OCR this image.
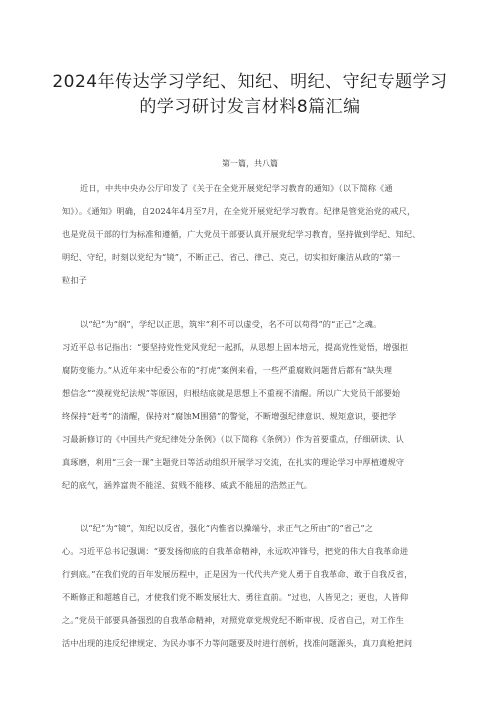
2024年传达学习学纪、知纪、明纪、守纪专题学习
的学习研讨发言材料8篇汇编
第一篇，共八篇
近日，中共中央办公厅印发了《关于在全党开展党纪学习教育的通知》（以下简称《通
知》）。《通知》明确，自2024年4月至7月，在全党开展党纪学习教育。纪律是管党治党的戒尺，
也是党员干部的行为标准和遵循，广大党员干部要认真开展党纪学习教育，坚持做到学纪、知纪、
明纪、守纪，时刻以党纪为“镜”，不断正己、省己、律己、克己，切实扣好廉洁从政的“第一
粒扣子
以“纪”为“纲”，学纪以正思，筑牢“利不可以虚受，名不可以苟得”的“正己”之魂。
习近平总书记指出：“要坚持党性党风党纪一起抓，从思想上固本培元，提高党性觉悟，增强拒
腐防变能力。”从近年来中纪委公布的“打虎”案例来看，一些严重腐败问题背后都有“缺失理
想信念”“漠视党纪法规”等原因，归根结底就是思想上不重视不清醒。所以广大党员干部要始
终保持“赶考”的清醒，保持对“腐蚀M围猎”的警觉，不断增强纪律意识、规矩意识，要把学
习最新修订的《中国共产党纪律处分条例》（以下简称《条例》）作为首要重点，仔细研读、认
真琢磨，利用“三会一课”主题党日等活动组织开展学习交流，在扎实的理论学习中厚植遵规守
纪的底气，涵养富贵不能淫、贫贱不能移、威武不能屈的浩然正气。
以“纪”为“镜”，知纪以反省，强化“内惟省以操端兮，求正气之所由”的“省己”之
心。习近平总书记强调：“要发扬彻底的自我革命精神，永远吹冲锋号，把党的伟大自我革命进
行到底。”在我们党的百年发展历程中，正是因为一代代共产党人勇于自我革命、敢于自我反省，
不断修正和超越自己，才使我们党不断发展壮大、勇往直前。“过也，人皆见之；更也，人皆仰
之。”党员干部要具备强烈的自我革命精神，对照党章党规党纪不断审视、反省自己，对工作生
活中出现的违反纪律规定、为民办事不力等问题要及时进行剖析，找准问题源头，真刀真枪把问
